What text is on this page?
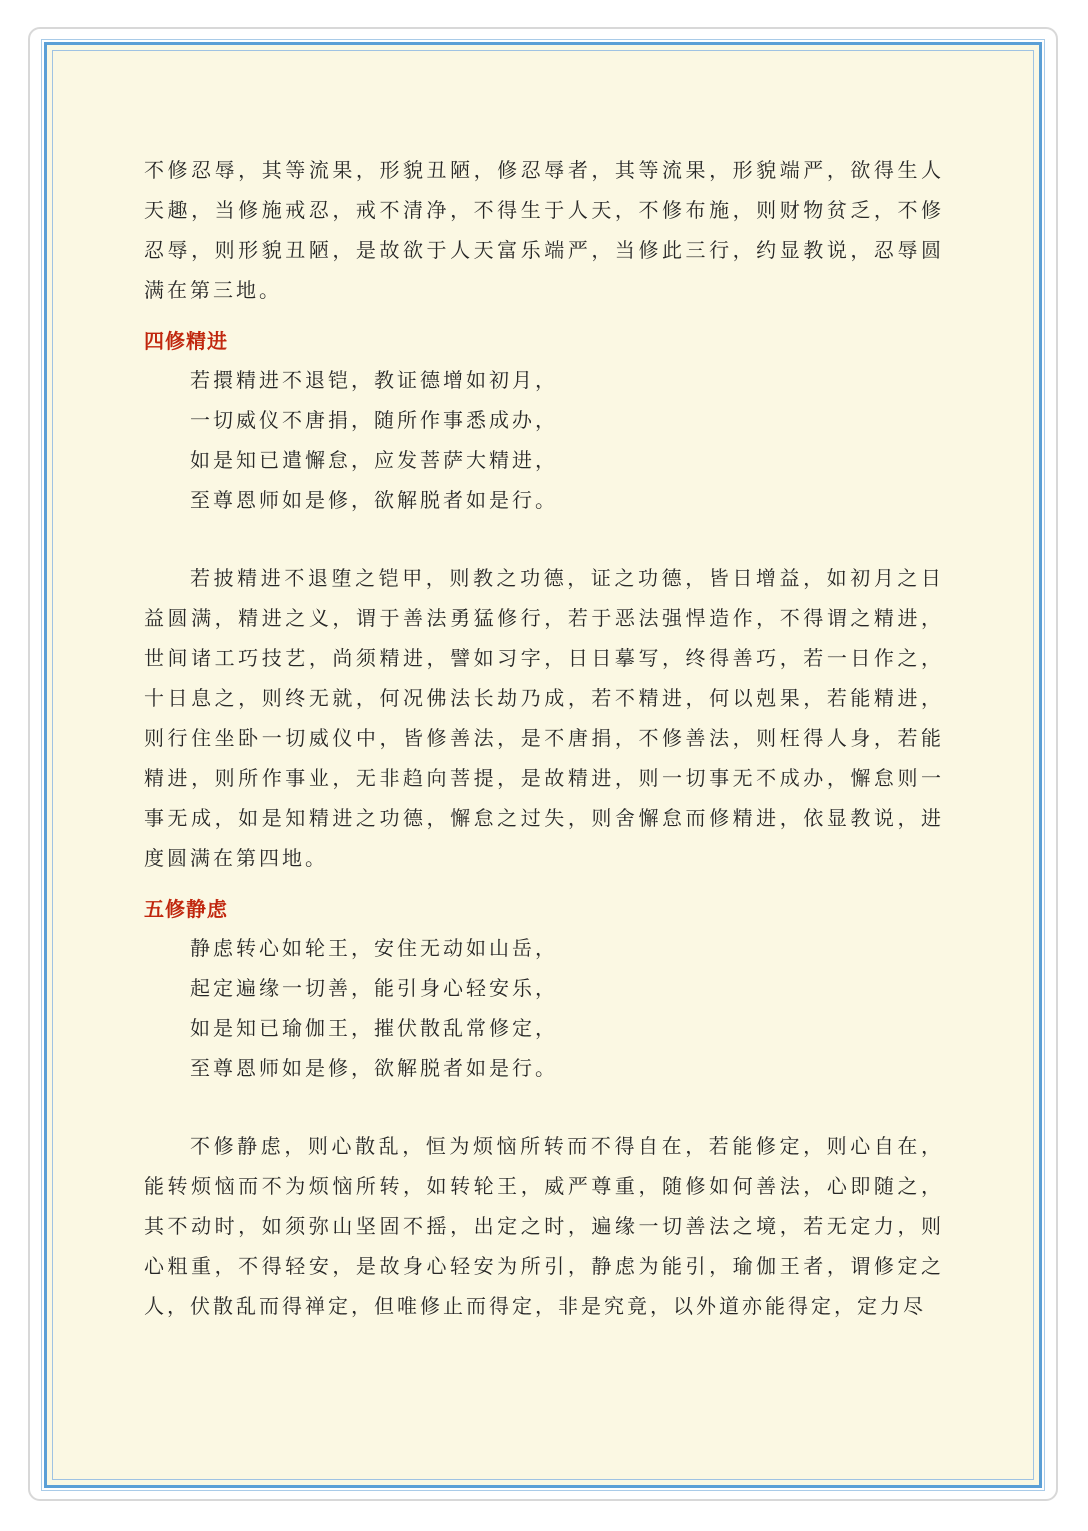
不修忍辱，其等流果，形貌丑陋，修忍辱者，其等流果，形貌端严，欲得生人天趣，当修施戒忍，戒不清净，不得生于人天，不修布施，则财物贫乏，不修忍辱，则形貌丑陋，是故欲于人天富乐端严，当修此三行，约显教说，忍辱圆满在第三地。

四修精进
若擐精进不退铠，教证德增如初月，
一切威仪不唐捐，随所作事悉成办，
如是知已遣懈怠，应发菩萨大精进，
至尊恩师如是修，欲解脱者如是行。

若披精进不退堕之铠甲，则教之功德，证之功德，皆日增益，如初月之日益圆满，精进之义，谓于善法勇猛修行，若于恶法强悍造作，不得谓之精进，世间诸工巧技艺，尚须精进，譬如习字，日日摹写，终得善巧，若一日作之，十日息之，则终无就，何况佛法长劫乃成，若不精进，何以剋果，若能精进，则行住坐卧一切威仪中，皆修善法，是不唐捐，不修善法，则枉得人身，若能精进，则所作事业，无非趋向菩提，是故精进，则一切事无不成办，懈怠则一事无成，如是知精进之功德，懈怠之过失，则舍懈怠而修精进，依显教说，进度圆满在第四地。

五修静虑
静虑转心如轮王，安住无动如山岳，
起定遍缘一切善，能引身心轻安乐，
如是知已瑜伽王，摧伏散乱常修定，
至尊恩师如是修，欲解脱者如是行。

不修静虑，则心散乱，恒为烦恼所转而不得自在，若能修定，则心自在，能转烦恼而不为烦恼所转，如转轮王，威严尊重，随修如何善法，心即随之，其不动时，如须弥山坚固不摇，出定之时，遍缘一切善法之境，若无定力，则心粗重，不得轻安，是故身心轻安为所引，静虑为能引，瑜伽王者，谓修定之人，伏散乱而得禅定，但唯修止而得定，非是究竟，以外道亦能得定，定力尽
